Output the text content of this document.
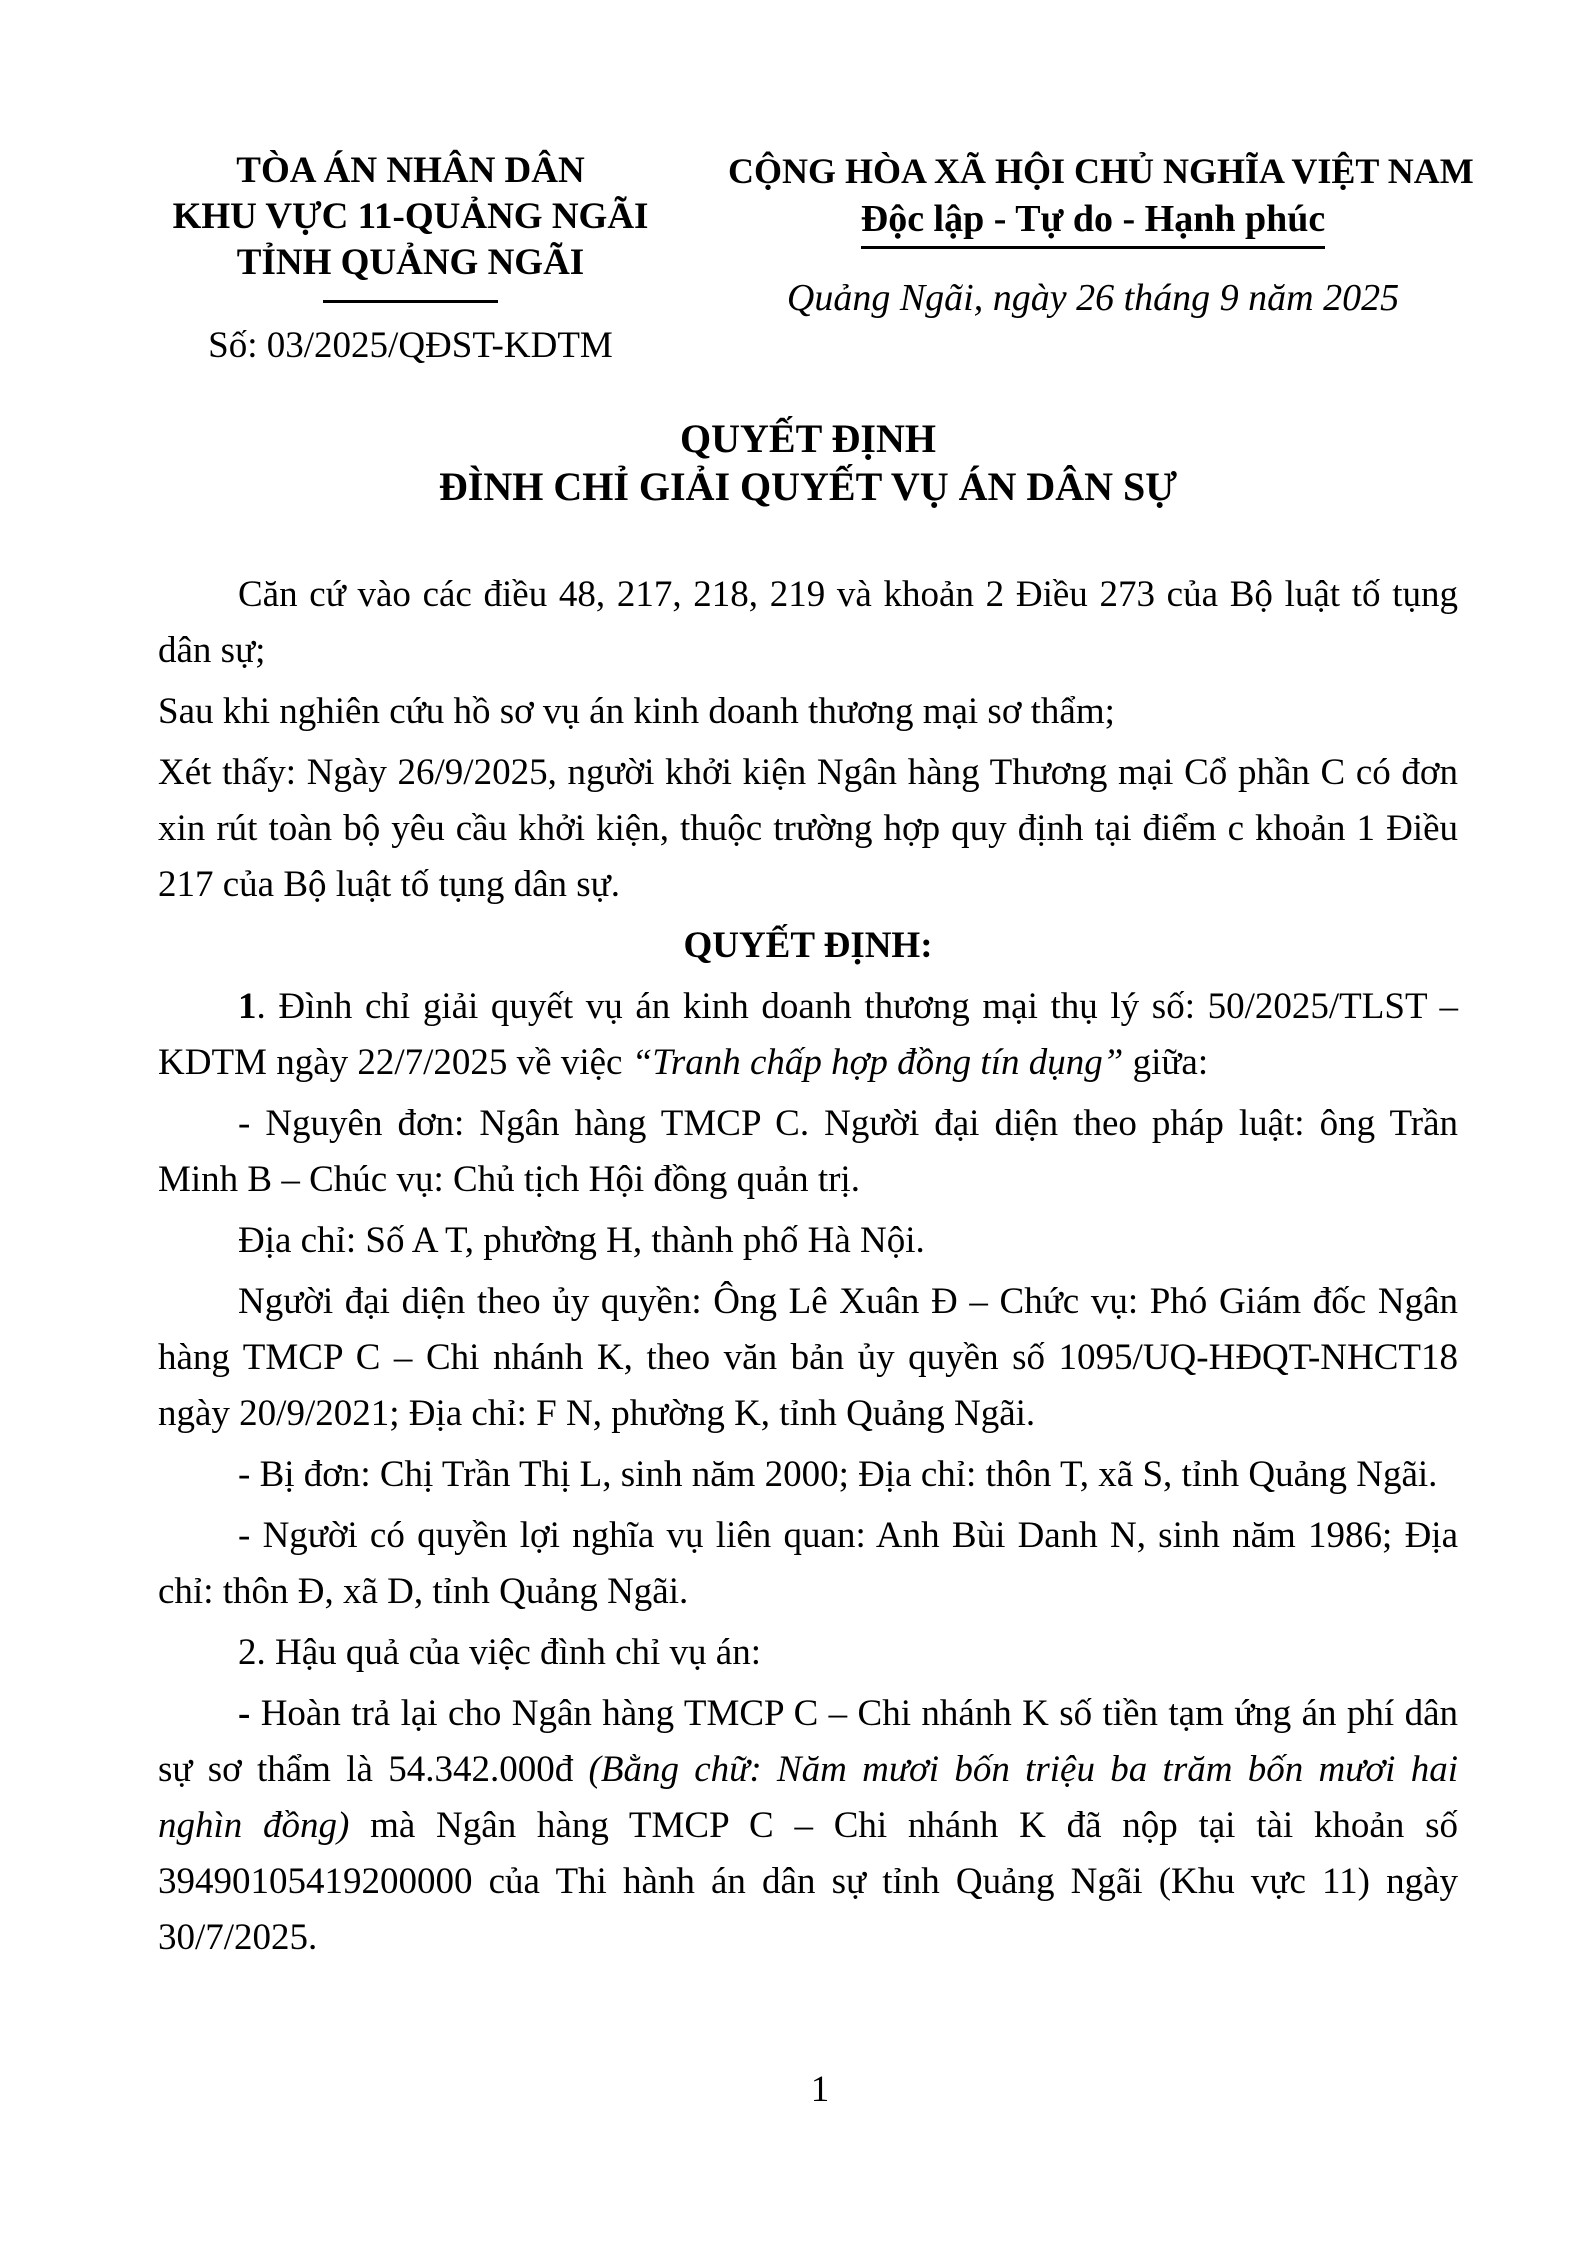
TÒA ÁN NHÂN DÂN
KHU VỰC 11-QUẢNG NGÃI
TỈNH QUẢNG NGÃI
Số: 03/2025/QĐST-KDTM
CỘNG HÒA XÃ HỘI CHỦ NGHĨA VIỆT NAM
Độc lập - Tự do - Hạnh phúc
Quảng Ngãi, ngày 26 tháng 9 năm 2025
QUYẾT ĐỊNH
ĐÌNH CHỈ GIẢI QUYẾT VỤ ÁN DÂN SỰ

Căn cứ vào các điều 48, 217, 218, 219 và khoản 2 Điều 273 của Bộ luật tố tụng dân sự;

Sau khi nghiên cứu hồ sơ vụ án kinh doanh thương mại sơ thẩm;

Xét thấy: Ngày 26/9/2025, người khởi kiện Ngân hàng Thương mại Cổ phần C có đơn xin rút toàn bộ yêu cầu khởi kiện, thuộc trường hợp quy định tại điểm c khoản 1 Điều 217 của Bộ luật tố tụng dân sự.

QUYẾT ĐỊNH:

1. Đình chỉ giải quyết vụ án kinh doanh thương mại thụ lý số: 50/2025/TLST – KDTM ngày 22/7/2025 về việc “Tranh chấp hợp đồng tín dụng” giữa:

- Nguyên đơn: Ngân hàng TMCP C. Người đại diện theo pháp luật: ông Trần Minh B – Chúc vụ: Chủ tịch Hội đồng quản trị.

Địa chỉ: Số A T, phường H, thành phố Hà Nội.

Người đại diện theo ủy quyền: Ông Lê Xuân Đ – Chức vụ: Phó Giám đốc Ngân hàng TMCP C – Chi nhánh K, theo văn bản ủy quyền số 1095/UQ-HĐQT-NHCT18 ngày 20/9/2021; Địa chỉ: F N, phường K, tỉnh Quảng Ngãi.

- Bị đơn: Chị Trần Thị L, sinh năm 2000; Địa chỉ: thôn T, xã S, tỉnh Quảng Ngãi.

- Người có quyền lợi nghĩa vụ liên quan: Anh Bùi Danh N, sinh năm 1986; Địa chỉ: thôn Đ, xã D, tỉnh Quảng Ngãi.

2. Hậu quả của việc đình chỉ vụ án:

- Hoàn trả lại cho Ngân hàng TMCP C – Chi nhánh K số tiền tạm ứng án phí dân sự sơ thẩm là 54.342.000đ (Bằng chữ: Năm mươi bốn triệu ba trăm bốn mươi hai nghìn đồng) mà Ngân hàng TMCP C – Chi nhánh K đã nộp tại tài khoản số 39490105419200000 của Thi hành án dân sự tỉnh Quảng Ngãi (Khu vực 11) ngày 30/7/2025.

1
